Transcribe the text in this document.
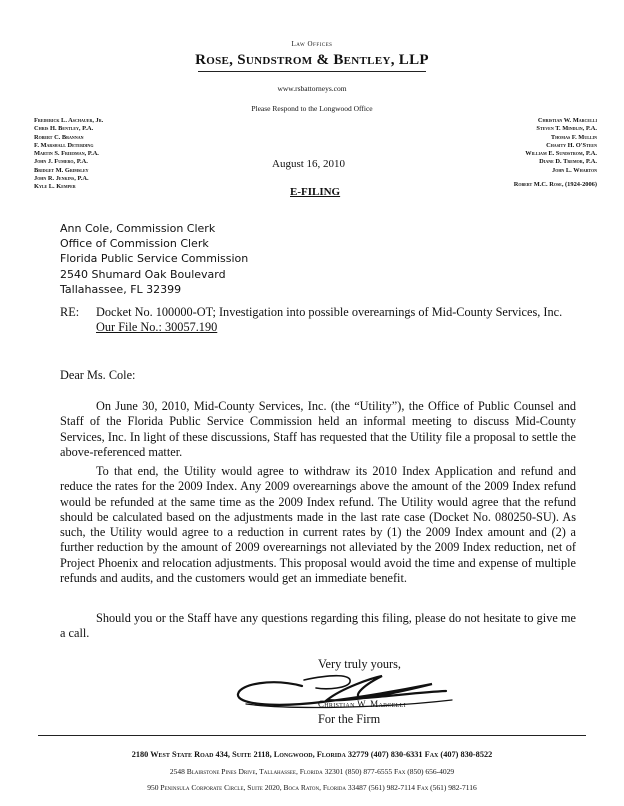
Law Offices
Rose, Sundstrom & Bentley, LLP
www.rsbattorneys.com
Please Respond to the Longwood Office
Frederick L. Aschauer, Jr.
Chris H. Bentley, P.A.
Robert C. Brannan
F. Marshall Deterding
Martin S. Friedman, P.A.
John J. Fumero, P.A.
Bridget M. Grimsley
John R. Jenkins, P.A.
Kyle L. Kemper
Christian W. Marcelli
Steven T. Mindlin, P.A.
Thomas F. Mullin
Chasity H. O'Steen
William E. Sundstrom, P.A.
Diane D. Tremor, P.A.
John L. Wharton
Robert M.C. Rose, (1924-2006)
August 16, 2010
E-FILING
Ann Cole, Commission Clerk
Office of Commission Clerk
Florida Public Service Commission
2540 Shumard Oak Boulevard
Tallahassee, FL 32399
RE: Docket No. 100000-OT; Investigation into possible overearnings of Mid-County Services, Inc.
Our File No.: 30057.190
Dear Ms. Cole:
On June 30, 2010, Mid-County Services, Inc. (the “Utility”), the Office of Public Counsel and Staff of the Florida Public Service Commission held an informal meeting to discuss Mid-County Services, Inc. In light of these discussions, Staff has requested that the Utility file a proposal to settle the above-referenced matter.
To that end, the Utility would agree to withdraw its 2010 Index Application and refund and reduce the rates for the 2009 Index. Any 2009 overearnings above the amount of the 2009 Index refund would be refunded at the same time as the 2009 Index refund. The Utility would agree that the refund should be calculated based on the adjustments made in the last rate case (Docket No. 080250-SU). As such, the Utility would agree to a reduction in current rates by (1) the 2009 Index amount and (2) a further reduction by the amount of 2009 overearnings not alleviated by the 2009 Index reduction, net of Project Phoenix and relocation adjustments. This proposal would avoid the time and expense of multiple refunds and audits, and the customers would get an immediate benefit.
Should you or the Staff have any questions regarding this filing, please do not hesitate to give me a call.
Very truly yours,
Christian W. Marcelli
For the Firm
2180 West State Road 434, Suite 2118, Longwood, Florida 32779 (407) 830-6331 Fax (407) 830-8522
2548 Blairstone Pines Drive, Tallahassee, Florida 32301 (850) 877-6555 Fax (850) 656-4029
950 Peninsula Corporate Circle, Suite 2020, Boca Raton, Florida 33487 (561) 982-7114 Fax (561) 982-7116
